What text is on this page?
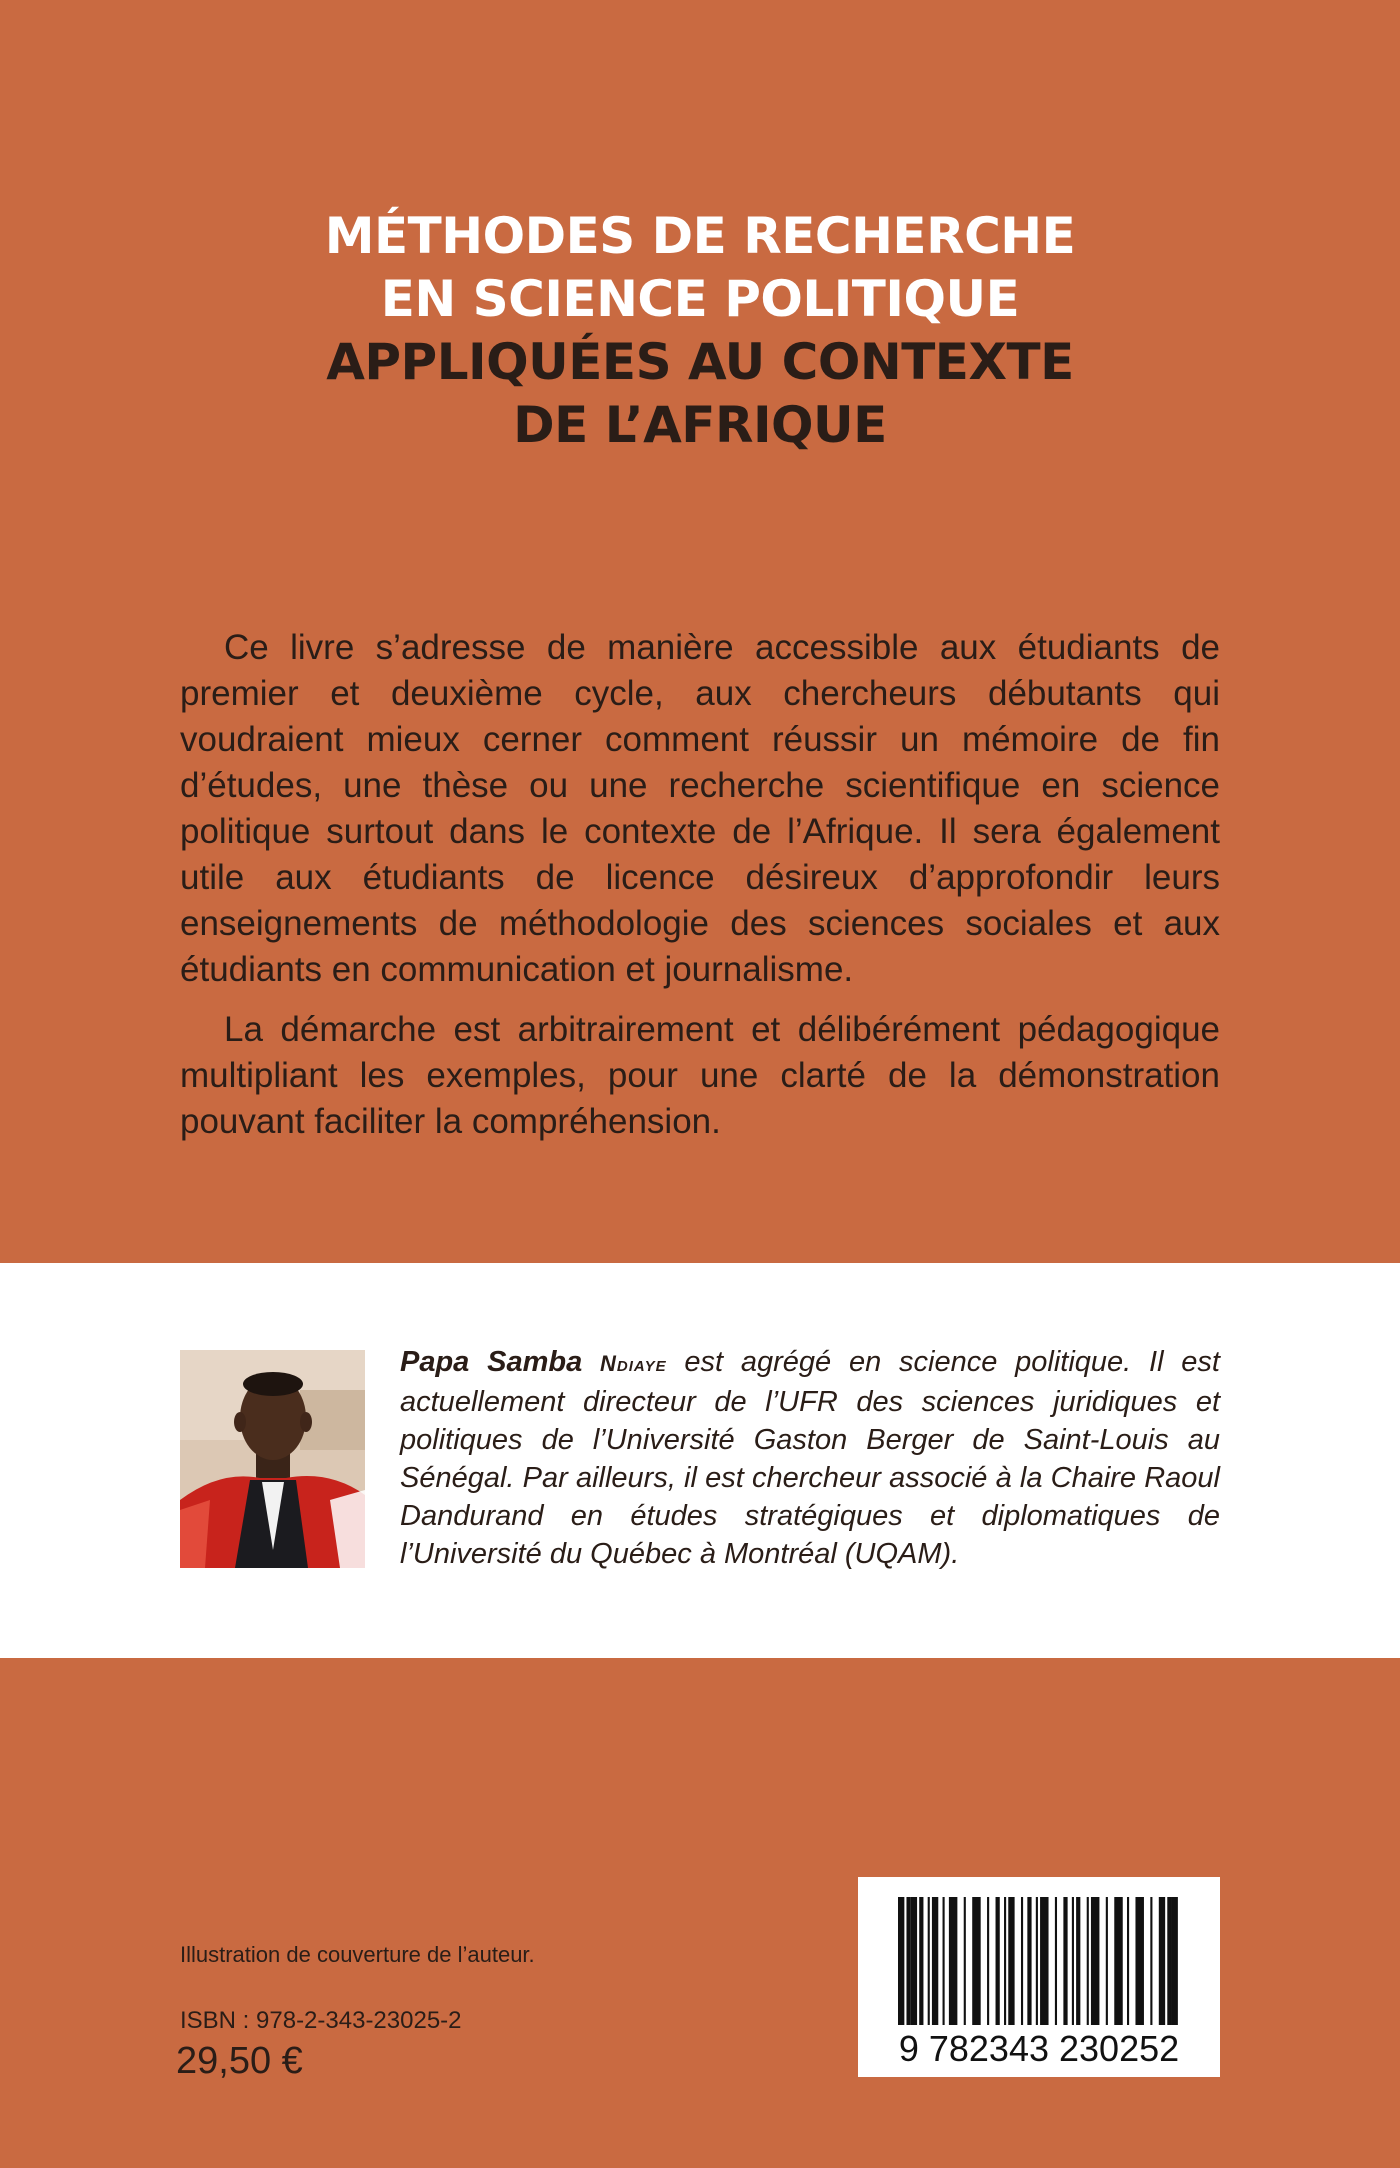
MÉTHODES DE RECHERCHE
EN SCIENCE POLITIQUE
APPLIQUÉES AU CONTEXTE
DE L’AFRIQUE

Ce livre s’adresse de manière accessible aux étudiants de premier et deuxième cycle, aux chercheurs débutants qui voudraient mieux cerner comment réussir un mémoire de fin d’études, une thèse ou une recherche scientifique en science politique surtout dans le contexte de l’Afrique. Il sera également utile aux étudiants de licence désireux d’approfondir leurs enseignements de méthodologie des sciences sociales et aux étudiants en communication et journalisme.

La démarche est arbitrairement et délibérément pédagogique multipliant les exemples, pour une clarté de la démonstration pouvant faciliter la compréhension.

Papa Samba Ndiaye est agrégé en science politique. Il est actuellement directeur de l’UFR des sciences juridiques et politiques de l’Université Gaston Berger de Saint-Louis au Sénégal. Par ailleurs, il est chercheur associé à la Chaire Raoul Dandurand en études stratégiques et diplomatiques de l’Université du Québec à Montréal (UQAM).

Illustration de couverture de l’auteur.
ISBN : 978-2-343-23025-2
29,50 €	9 782343 230252
